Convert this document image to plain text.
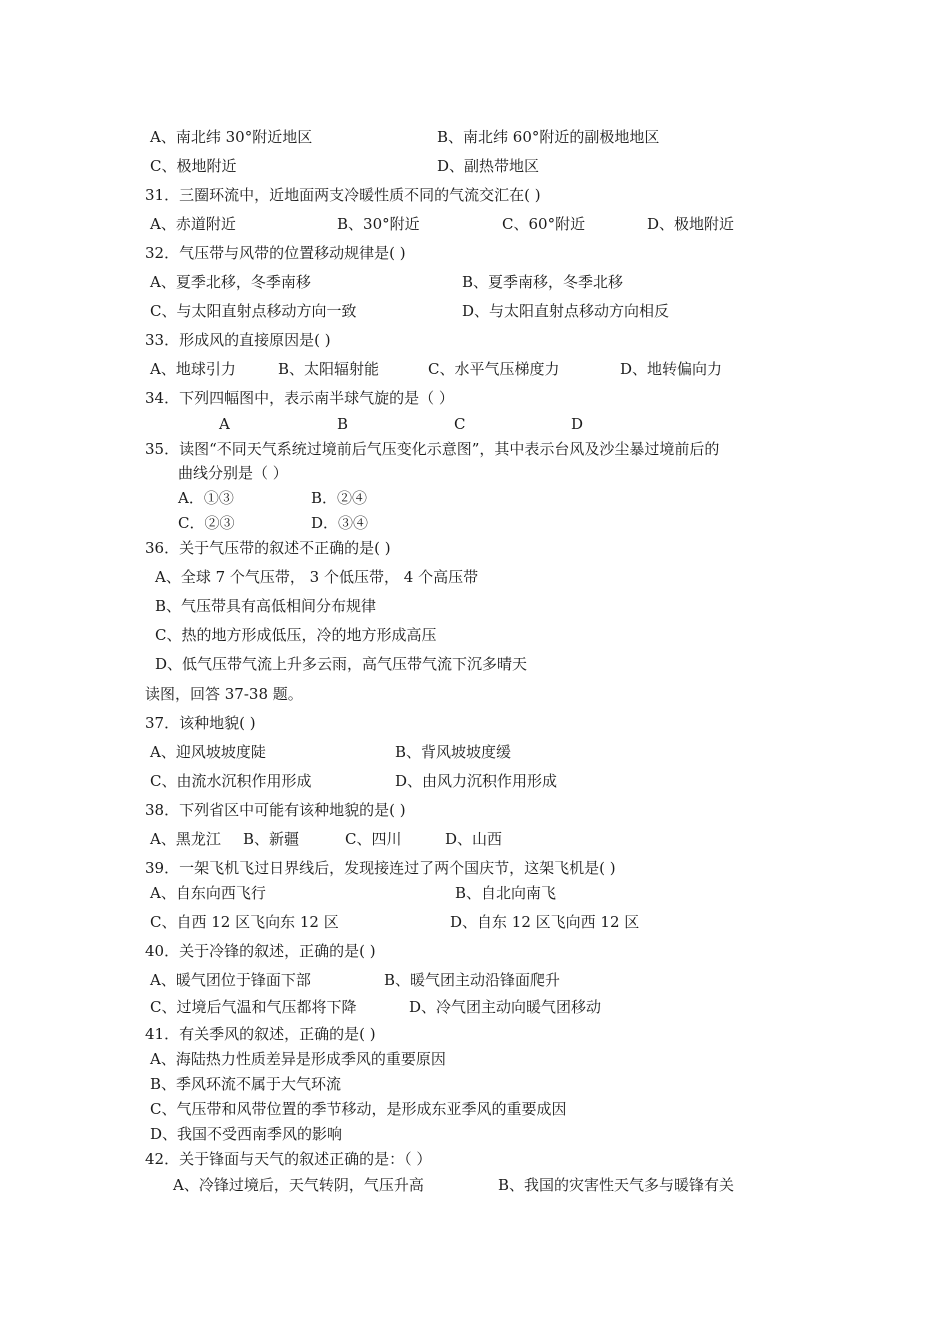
A、南北纬 30°附近地区	B、南北纬 60°附近的副极地地区
C、极地附近	D、副热带地区
31．三圈环流中，近地面两支冷暖性质不同的气流交汇在( )
A、赤道附近	B、30°附近	C、60°附近	D、极地附近
32．气压带与风带的位置移动规律是( )
A、夏季北移，冬季南移	B、夏季南移，冬季北移
C、与太阳直射点移动方向一致	D、与太阳直射点移动方向相反
33．形成风的直接原因是( )
A、地球引力	B、太阳辐射能	C、水平气压梯度力	D、地转偏向力
34．下列四幅图中，表示南半球气旋的是（ ）
A	B	C	D
35．读图“不同天气系统过境前后气压变化示意图”，其中表示台风及沙尘暴过境前后的
曲线分别是（ ）
A．①③	B．②④
C．②③	D．③④
36．关于气压带的叙述不正确的是( )
A、全球 7 个气压带， 3 个低压带， 4 个高压带
B、气压带具有高低相间分布规律
C、热的地方形成低压，冷的地方形成高压
D、低气压带气流上升多云雨，高气压带气流下沉多晴天
读图，回答 37-38 题。
37．该种地貌( )
A、迎风坡坡度陡	B、背风坡坡度缓
C、由流水沉积作用形成	D、由风力沉积作用形成
38．下列省区中可能有该种地貌的是( )
A、黑龙江 B、新疆	C、四川	D、山西
39．一架飞机飞过日界线后，发现接连过了两个国庆节，这架飞机是( )
A、自东向西飞行	B、自北向南飞
C、自西 12 区飞向东 12 区	D、自东 12 区飞向西 12 区
40．关于冷锋的叙述，正确的是( )
A、暖气团位于锋面下部	B、暖气团主动沿锋面爬升
C、过境后气温和气压都将下降	D、冷气团主动向暖气团移动
41．有关季风的叙述，正确的是( )
A、海陆热力性质差异是形成季风的重要原因
B、季风环流不属于大气环流
C、气压带和风带位置的季节移动，是形成东亚季风的重要成因
D、我国不受西南季风的影响
42．关于锋面与天气的叙述正确的是：（ ）
A、冷锋过境后，天气转阴，气压升高	B、我国的灾害性天气多与暖锋有关
